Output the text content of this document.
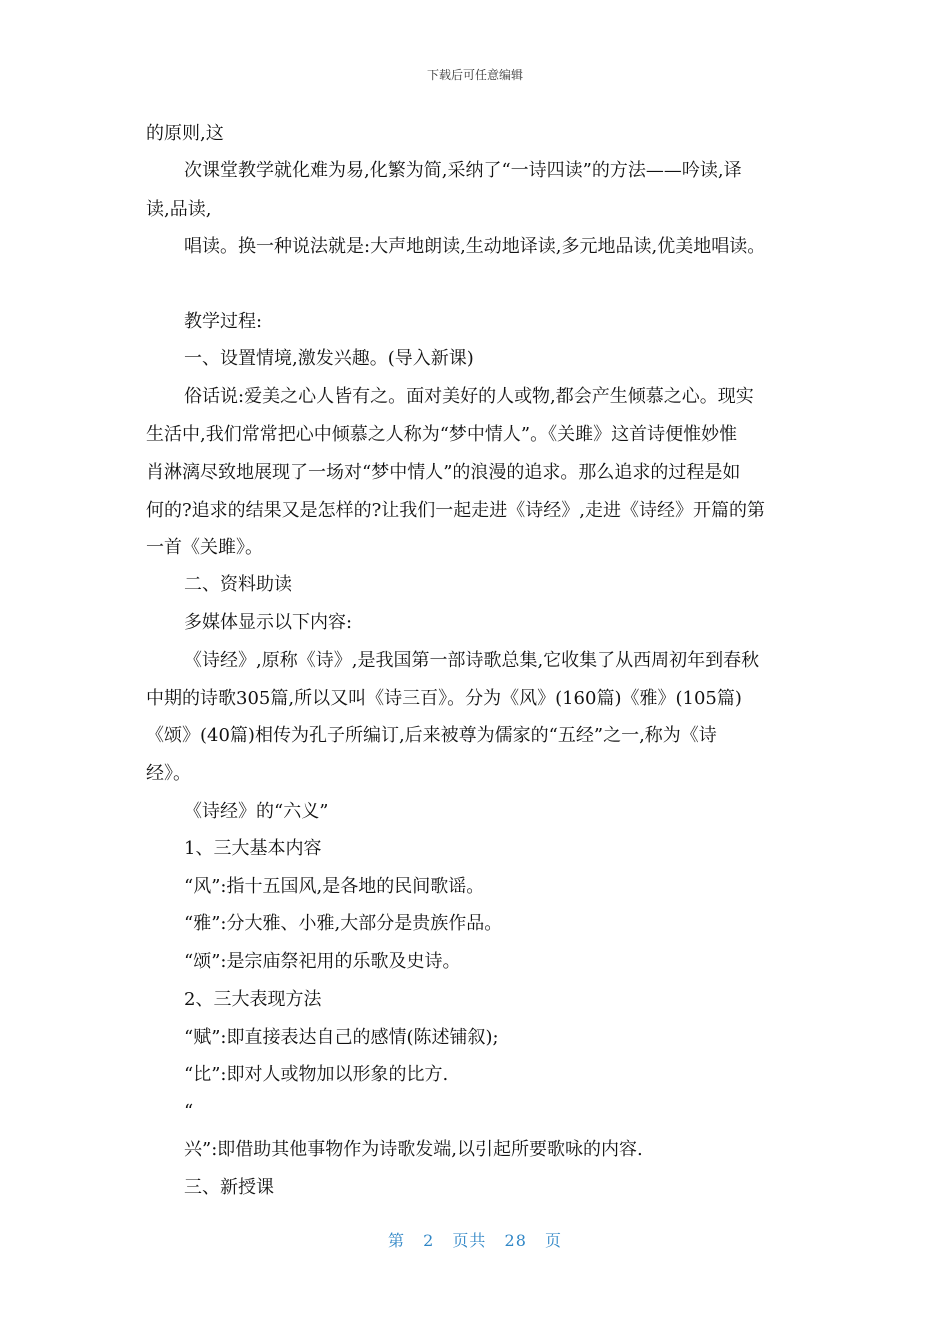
下载后可任意编辑
的原则,这
次课堂教学就化难为易,化繁为简,采纳了“一诗四读”的方法——吟读,译
读,品读,
唱读。换一种说法就是:大声地朗读,生动地译读,多元地品读,优美地唱读。
教学过程:
一、设置情境,激发兴趣。(导入新课)
俗话说:爱美之心人皆有之。面对美好的人或物,都会产生倾慕之心。现实
生活中,我们常常把心中倾慕之人称为“梦中情人”。《关雎》这首诗便惟妙惟
肖淋漓尽致地展现了一场对“梦中情人”的浪漫的追求。那么追求的过程是如
何的?追求的结果又是怎样的?让我们一起走进《诗经》,走进《诗经》开篇的第
一首《关雎》。
二、资料助读
多媒体显示以下内容:
《诗经》,原称《诗》,是我国第一部诗歌总集,它收集了从西周初年到春秋
中期的诗歌305篇,所以又叫《诗三百》。分为《风》(160篇)《雅》(105篇)
《颂》(40篇)相传为孔子所编订,后来被尊为儒家的“五经”之一,称为《诗
经》。
《诗经》的“六义”
1、三大基本内容
“风”:指十五国风,是各地的民间歌谣。
“雅”:分大雅、小雅,大部分是贵族作品。
“颂”:是宗庙祭祀用的乐歌及史诗。
2、三大表现方法
“赋”:即直接表达自己的感情(陈述铺叙);
“比”:即对人或物加以形象的比方.
“
兴”:即借助其他事物作为诗歌发端,以引起所要歌咏的内容.
三、新授课
第 2 页共 28 页
